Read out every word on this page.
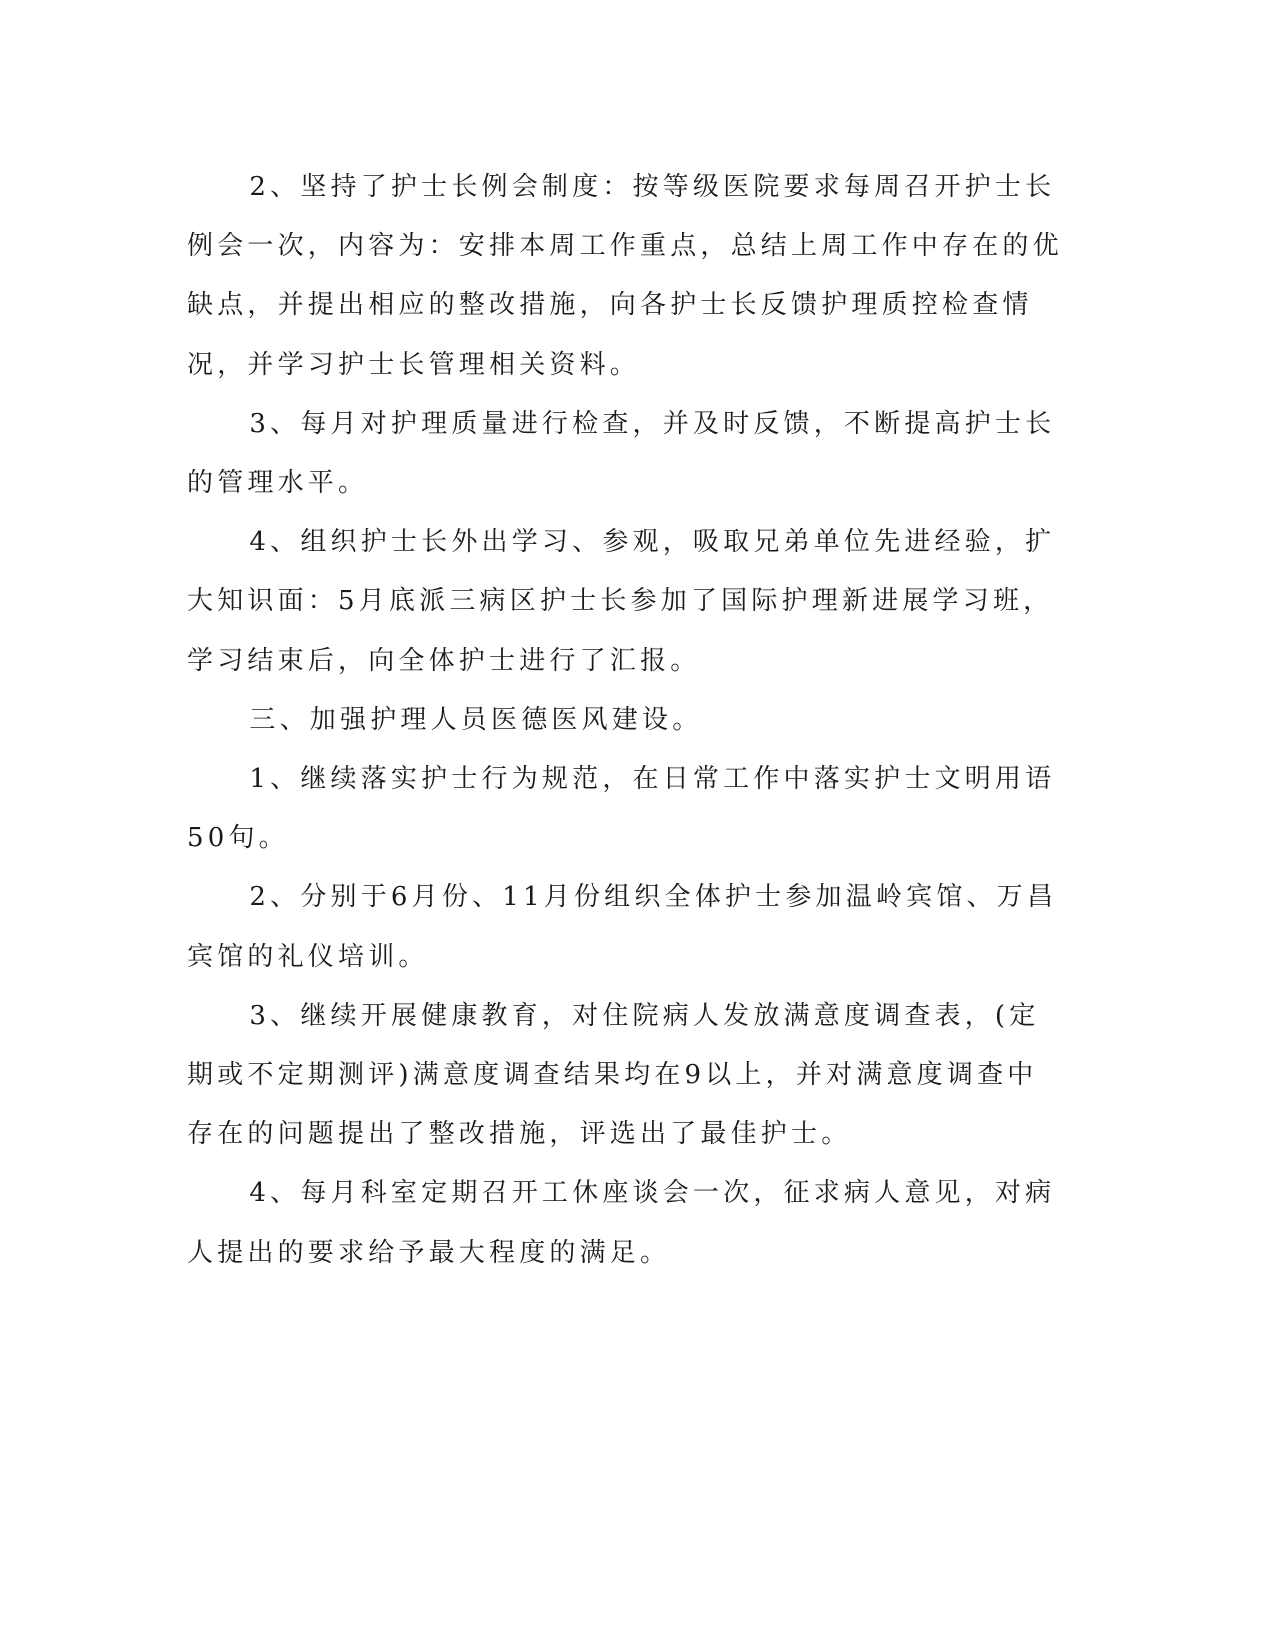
2、坚持了护士长例会制度：按等级医院要求每周召开护士长例会一次，内容为：安排本周工作重点，总结上周工作中存在的优缺点，并提出相应的整改措施，向各护士长反馈护理质控检查情况，并学习护士长管理相关资料。

3、每月对护理质量进行检查，并及时反馈，不断提高护士长的管理水平。

4、组织护士长外出学习、参观，吸取兄弟单位先进经验，扩大知识面：5月底派三病区护士长参加了国际护理新进展学习班，学习结束后，向全体护士进行了汇报。

三、加强护理人员医德医风建设。

1、继续落实护士行为规范，在日常工作中落实护士文明用语50句。

2、分别于6月份、11月份组织全体护士参加温岭宾馆、万昌宾馆的礼仪培训。

3、继续开展健康教育，对住院病人发放满意度调查表，(定期或不定期测评)满意度调查结果均在9以上，并对满意度调查中存在的问题提出了整改措施，评选出了最佳护士。

4、每月科室定期召开工休座谈会一次，征求病人意见，对病人提出的要求给予最大程度的满足。
